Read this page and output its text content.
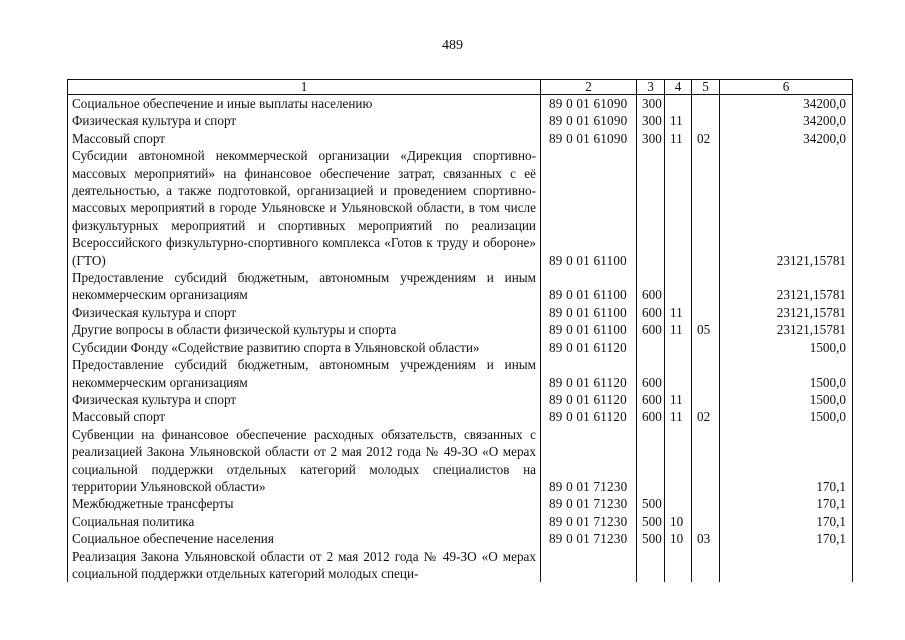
489
1	2	3	4	5	6
Социальное обеспечение и иные выплаты населению	89 0 01 61090	300			34200,0
Физическая культура и спорт	89 0 01 61090	300	11		34200,0
Массовый спорт	89 0 01 61090	300	11	02	34200,0
Субсидии автономной некоммерческой организации «Дирекция спортивно-массовых мероприятий» на финансовое обеспечение затрат, связанных с её деятельностью, а также подготовкой, организацией и проведением спортивно-массовых мероприятий в городе Ульяновске и Ульяновской области, в том числе физкультурных мероприятий и спортивных мероприятий по реализации Всероссийского физкультурно-спортивного комплекса «Готов к труду и обороне» (ГТО)	89 0 01 61100				23121,15781
Предоставление субсидий бюджетным, автономным учреждениям и иным некоммерческим организациям	89 0 01 61100	600			23121,15781
Физическая культура и спорт	89 0 01 61100	600	11		23121,15781
Другие вопросы в области физической культуры и спорта	89 0 01 61100	600	11	05	23121,15781
Субсидии Фонду «Содействие развитию спорта в Ульяновской области»	89 0 01 61120				1500,0
Предоставление субсидий бюджетным, автономным учреждениям и иным некоммерческим организациям	89 0 01 61120	600			1500,0
Физическая культура и спорт	89 0 01 61120	600	11		1500,0
Массовый спорт	89 0 01 61120	600	11	02	1500,0
Субвенции на финансовое обеспечение расходных обязательств, связанных с реализацией Закона Ульяновской области от 2 мая 2012 года № 49-ЗО «О мерах социальной поддержки отдельных категорий молодых специалистов на территории Ульяновской области»	89 0 01 71230				170,1
Межбюджетные трансферты	89 0 01 71230	500			170,1
Социальная политика	89 0 01 71230	500	10		170,1
Социальное обеспечение населения	89 0 01 71230	500	10	03	170,1
Реализация Закона Ульяновской области от 2 мая 2012 года № 49-ЗО «О мерах социальной поддержки отдельных категорий молодых специ-					
